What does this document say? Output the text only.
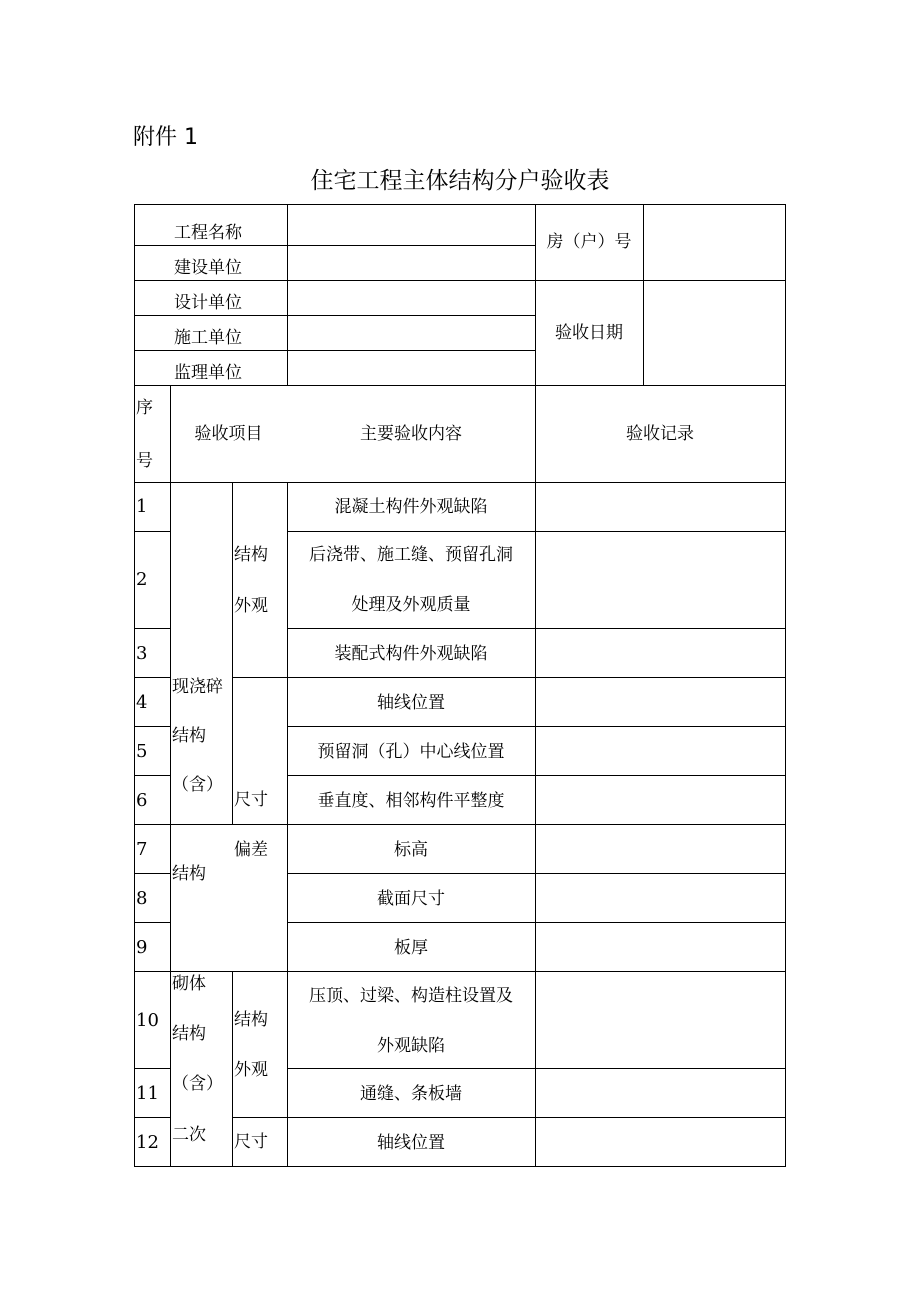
附件 1
住宅工程主体结构分户验收表
工程名称
建设单位
设计单位
施工单位
监理单位
房（户）号
验收日期
序
号
验收项目	主要验收内容	验收记录
现浇碎
结构
（含）
结构
结构
外观
尺寸
偏差
砌体
结构
（含）
二次
结构
外观
尺寸
1
2
3
4
5
6
7
8
9
10
11
12
混凝土构件外观缺陷
后浇带、施工缝、预留孔洞
处理及外观质量
装配式构件外观缺陷
轴线位置
预留洞（孔）中心线位置
垂直度、相邻构件平整度
标高
截面尺寸
板厚
压顶、过梁、构造柱设置及
外观缺陷
通缝、条板墙
轴线位置
